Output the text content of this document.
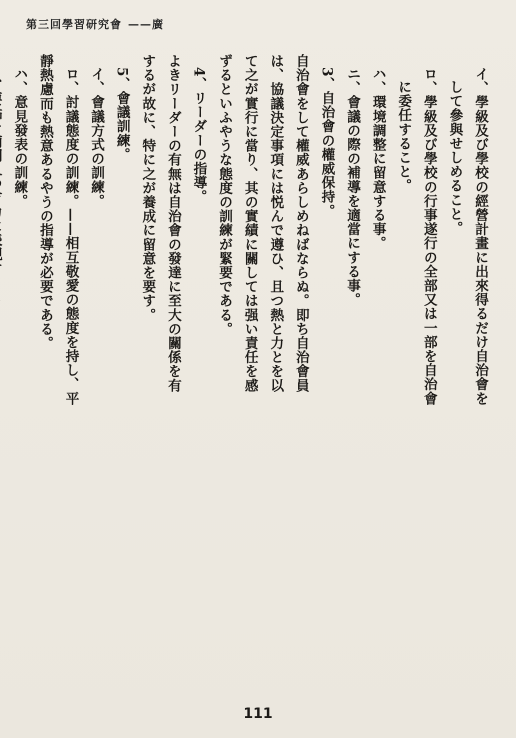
第三回學習研究會 ——廣
イ、學級及び學校の經營計畫に出來得るだけ自治會を
して參與せしめること。
ロ、學級及び學校の行事遂行の全部又は一部を自治會
に委任すること。
ハ、環境調整に留意する事。
ニ、會議の際の補導を適當にする事。
3、自治會の權威保持。
自治會をして權威あらしめねばならぬ。即ち自治會員
は、協議決定事項には悦んで遵ひ、且つ熱と力とを以
て之が實行に當り、其の實績に關しては强い責任を感
ずるといふやうな態度の訓練が緊要である。
4、リーダーの指導。
よきリーダーの有無は自治會の發達に至大の關係を有
するが故に、特に之が養成に留意を要す。
5、會議訓練。
イ、會議方式の訓練。
ロ、討議態度の訓練。——相互敬愛の態度を持し、平
靜熱慮而も熱意あるやうの指導が必要である。
ハ、意見發表の訓練。
111
